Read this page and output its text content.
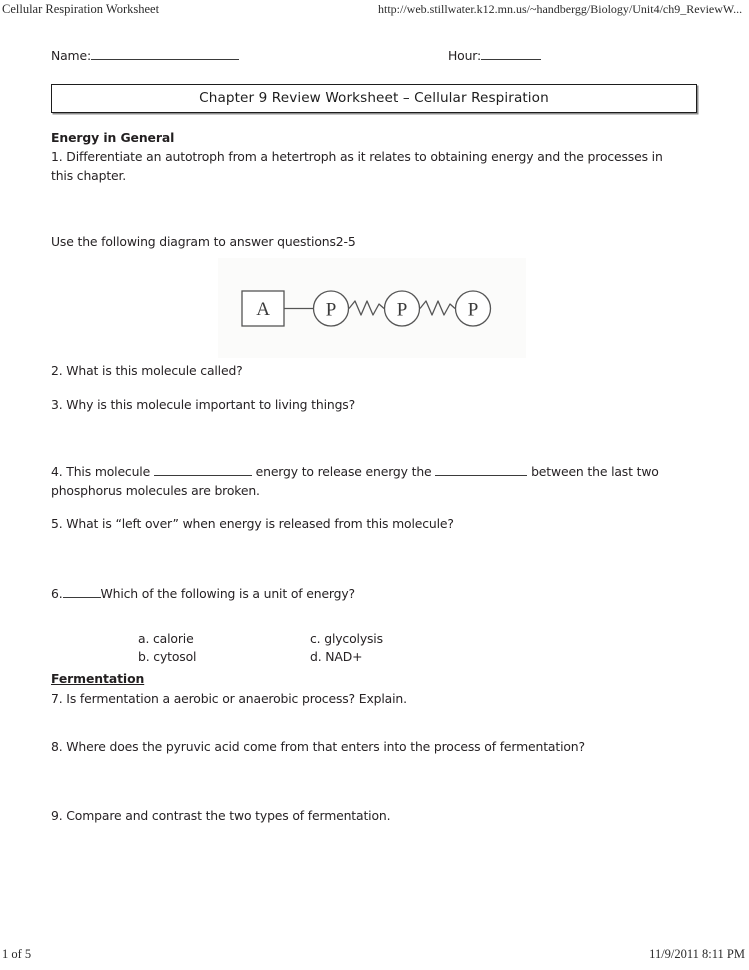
Cellular Respiration Worksheet	http://web.stillwater.k12.mn.us/~handbergg/Biology/Unit4/ch9_ReviewW...
Name:	Hour:
Chapter 9 Review Worksheet – Cellular Respiration
Energy in General
1. Differentiate an autotroph from a hetertroph as it relates to obtaining energy and the processes in this chapter.
Use the following diagram to answer questions2-5
A	P	P	P
2. What is this molecule called?
3. Why is this molecule important to living things?
4. This molecule	energy to release energy the	between the last two phosphorus molecules are broken.
5. What is “left over” when energy is released from this molecule?
6.	Which of the following is a unit of energy?
a. calorie	c. glycolysis
b. cytosol	d. NAD+
Fermentation
7. Is fermentation a aerobic or anaerobic process? Explain.
8. Where does the pyruvic acid come from that enters into the process of fermentation?
9. Compare and contrast the two types of fermentation.
1 of 5	11/9/2011 8:11 PM
